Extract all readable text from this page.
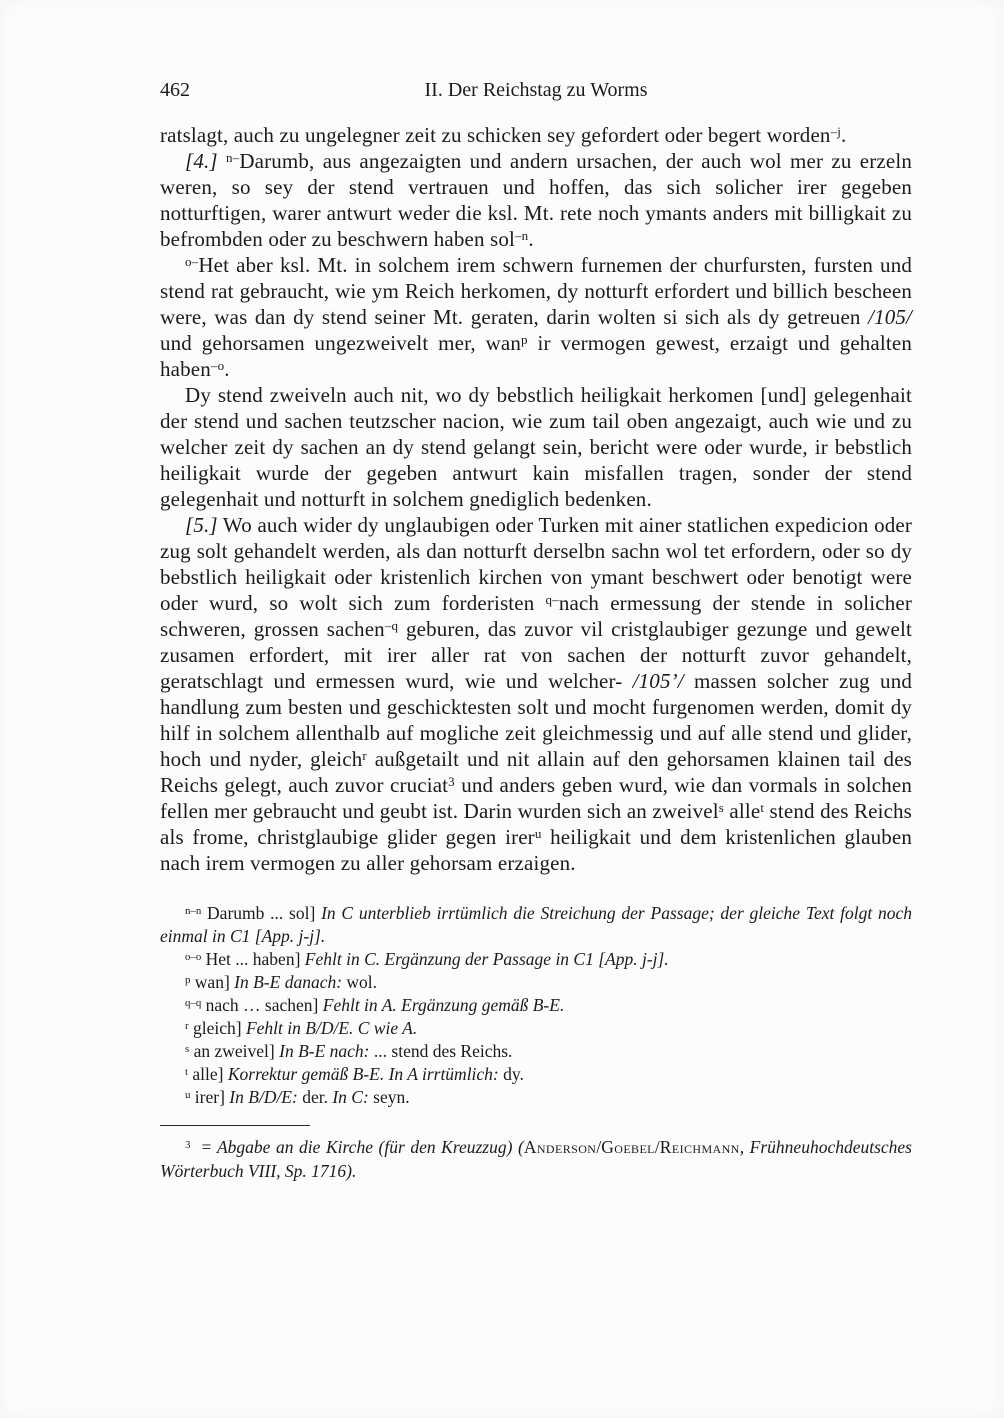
462	II. Der Reichstag zu Worms

ratslagt, auch zu ungelegner zeit zu schicken sey gefordert oder begert worden$^{-j}$.

[4.] $^{n-}$Darumb, aus angezaigten und andern ursachen, der auch wol mer zu erzeln weren, so sey der stend vertrauen und hoffen, das sich solicher irer gegeben notturftigen, warer antwurt weder die ksl. Mt. rete noch ymants anders mit billigkait zu befrombden oder zu beschwern haben sol$^{-n}$.

$^{o-}$Het aber ksl. Mt. in solchem irem schwern furnemen der churfursten, fursten und stend rat gebraucht, wie ym Reich herkomen, dy notturft erfordert und billich bescheen were, was dan dy stend seiner Mt. geraten, darin wolten si sich als dy getreuen /105/ und gehorsamen ungezweivelt mer, wan$^p$ ir vermogen gewest, erzaigt und gehalten haben$^{-o}$.

Dy stend zweiveln auch nit, wo dy bebstlich heiligkait herkomen [und] gelegenhait der stend und sachen teutzscher nacion, wie zum tail oben angezaigt, auch wie und zu welcher zeit dy sachen an dy stend gelangt sein, bericht were oder wurde, ir bebstlich heiligkait wurde der gegeben antwurt kain misfallen tragen, sonder der stend gelegenhait und notturft in solchem gnediglich bedenken.

[5.] Wo auch wider dy unglaubigen oder Turken mit ainer statlichen expedicion oder zug solt gehandelt werden, als dan notturft derselbn sachn wol tet erfordern, oder so dy bebstlich heiligkait oder kristenlich kirchen von ymant beschwert oder benotigt were oder wurd, so wolt sich zum forderisten $^{q-}$nach ermessung der stende in solicher schweren, grossen sachen$^{-q}$ geburen, das zuvor vil cristglaubiger gezunge und gewelt zusamen erfordert, mit irer aller rat von sachen der notturft zuvor gehandelt, geratschlagt und ermessen wurd, wie und welcher- /105’/ massen solcher zug und handlung zum besten und geschicktesten solt und mocht furgenomen werden, domit dy hilf in solchem allenthalb auf mogliche zeit gleichmessig und auf alle stend und glider, hoch und nyder, gleich$^r$ außgetailt und nit allain auf den gehorsamen klainen tail des Reichs gelegt, auch zuvor cruciat$^3$ und anders geben wurd, wie dan vormals in solchen fellen mer gebraucht und geubt ist. Darin wurden sich an zweivel$^s$ alle$^t$ stend des Reichs als frome, christglaubige glider gegen irer$^u$ heiligkait und dem kristenlichen glauben nach irem vermogen zu aller gehorsam erzaigen.

$^{n-n}$ Darumb ... sol] In C unterblieb irrtümlich die Streichung der Passage; der gleiche Text folgt noch einmal in C1 [App. j-j].

$^{o-o}$ Het ... haben] Fehlt in C. Ergänzung der Passage in C1 [App. j-j].

$^p$ wan] In B-E danach: wol.

$^{q-q}$ nach … sachen] Fehlt in A. Ergänzung gemäß B-E.

$^r$ gleich] Fehlt in B/D/E. C wie A.

$^s$ an zweivel] In B-E nach: ... stend des Reichs.

$^t$ alle] Korrektur gemäß B-E. In A irrtümlich: dy.

$^u$ irer] In B/D/E: der. In C: seyn.

$^3$  = Abgabe an die Kirche (für den Kreuzzug) (Anderson/Goebel/Reichmann, Frühneuhochdeutsches Wörterbuch VIII, Sp. 1716).
